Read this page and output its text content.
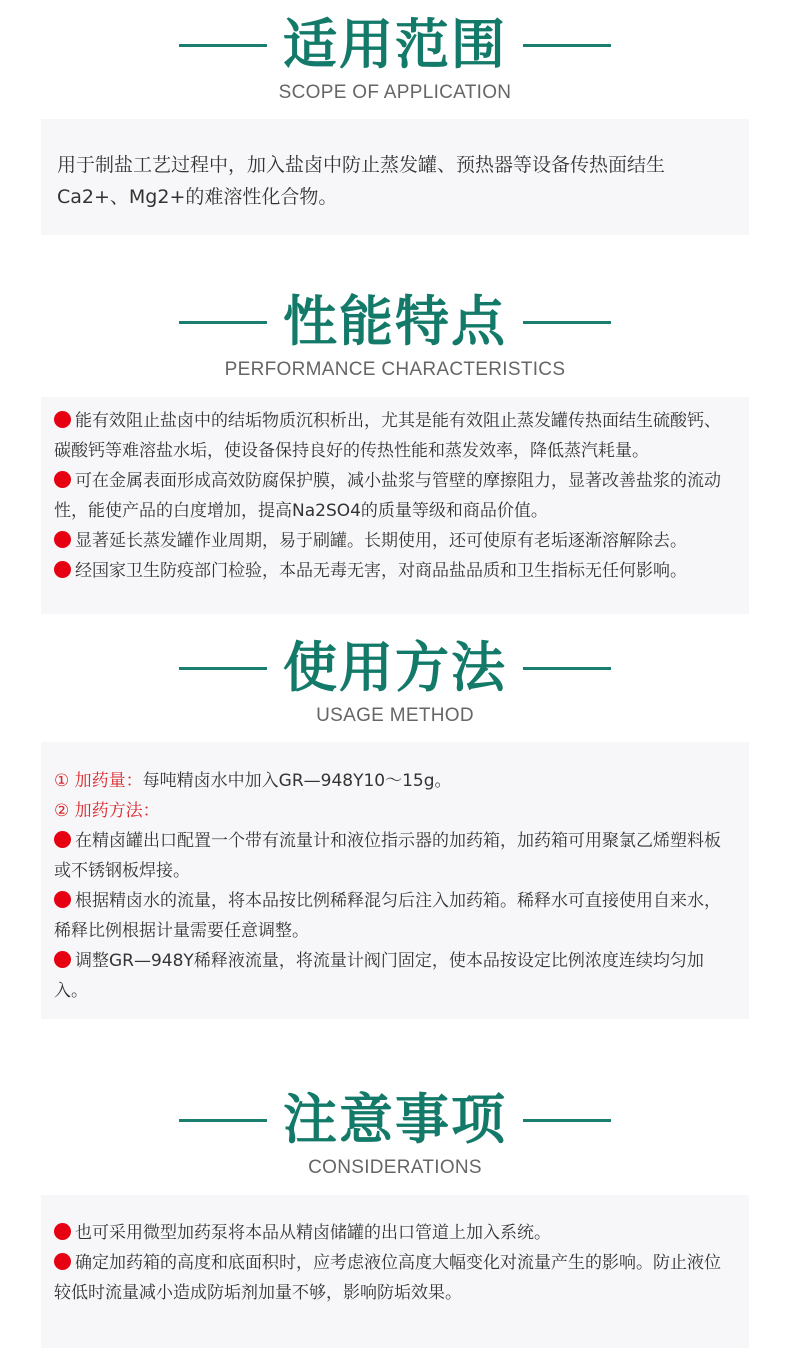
适用范围
SCOPE OF APPLICATION

用于制盐工艺过程中，加入盐卤中防止蒸发罐、预热器等设备传热面结生Ca2+、Mg2+的难溶性化合物。

性能特点
PERFORMANCE CHARACTERISTICS

能有效阻止盐卤中的结垢物质沉积析出，尤其是能有效阻止蒸发罐传热面结生硫酸钙、碳酸钙等难溶盐水垢，使设备保持良好的传热性能和蒸发效率，降低蒸汽耗量。

可在金属表面形成高效防腐保护膜，减小盐浆与管壁的摩擦阻力，显著改善盐浆的流动性，能使产品的白度增加，提高Na2SO4的质量等级和商品价值。

显著延长蒸发罐作业周期，易于刷罐。长期使用，还可使原有老垢逐渐溶解除去。

经国家卫生防疫部门检验，本品无毒无害，对商品盐品质和卫生指标无任何影响。

使用方法
USAGE METHOD

① 加药量：每吨精卤水中加入GR—948Y10～15g。

② 加药方法：

在精卤罐出口配置一个带有流量计和液位指示器的加药箱，加药箱可用聚氯乙烯塑料板或不锈钢板焊接。

根据精卤水的流量，将本品按比例稀释混匀后注入加药箱。稀释水可直接使用自来水，稀释比例根据计量需要任意调整。

调整GR—948Y稀释液流量，将流量计阀门固定，使本品按设定比例浓度连续均匀加入。

注意事项
CONSIDERATIONS

也可采用微型加药泵将本品从精卤储罐的出口管道上加入系统。

确定加药箱的高度和底面积时，应考虑液位高度大幅变化对流量产生的影响。防止液位较低时流量减小造成防垢剂加量不够，影响防垢效果。
